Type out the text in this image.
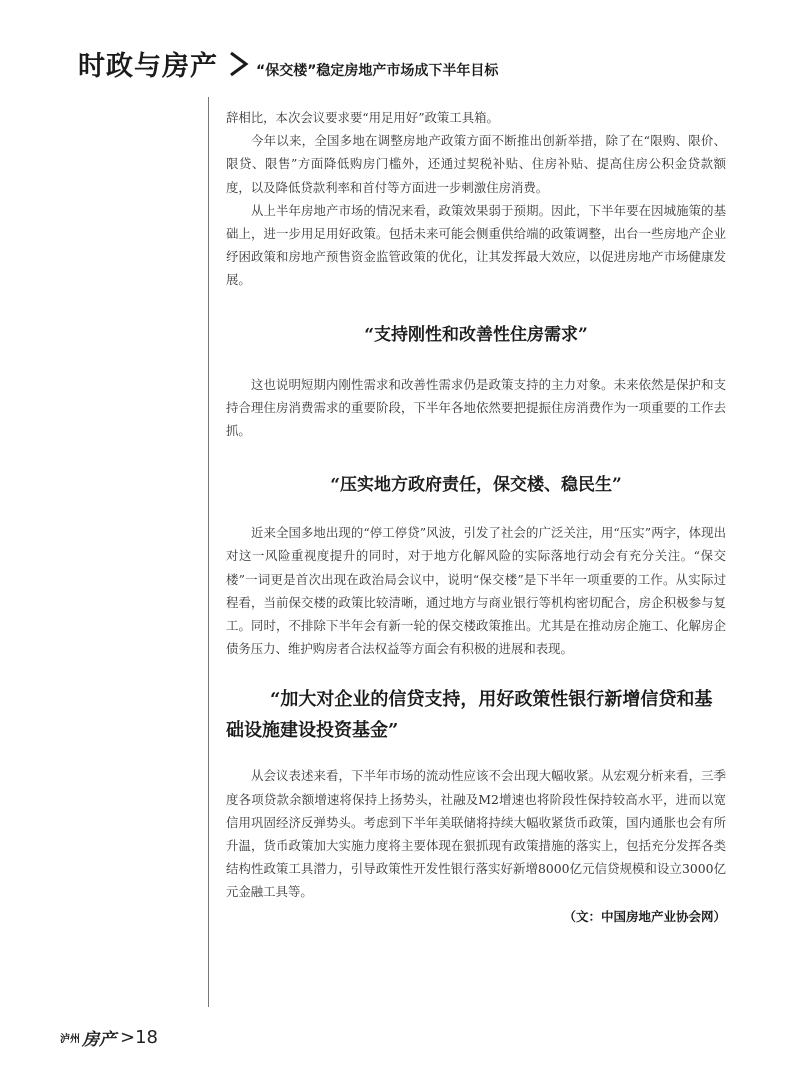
时政与房产	“保交楼”稳定房地产市场成下半年目标

辞相比，本次会议要求要“用足用好”政策工具箱。

今年以来，全国多地在调整房地产政策方面不断推出创新举措，除了在“限购、限价、限贷、限售”方面降低购房门槛外，还通过契税补贴、住房补贴、提高住房公积金贷款额度，以及降低贷款利率和首付等方面进一步刺激住房消费。

从上半年房地产市场的情况来看，政策效果弱于预期。因此，下半年要在因城施策的基础上，进一步用足用好政策。包括未来可能会侧重供给端的政策调整，出台一些房地产企业纾困政策和房地产预售资金监管政策的优化，让其发挥最大效应，以促进房地产市场健康发展。

“支持刚性和改善性住房需求”

这也说明短期内刚性需求和改善性需求仍是政策支持的主力对象。未来依然是保护和支持合理住房消费需求的重要阶段，下半年各地依然要把提振住房消费作为一项重要的工作去抓。

“压实地方政府责任，保交楼、稳民生”

近来全国多地出现的“停工停贷”风波，引发了社会的广泛关注，用“压实”两字，体现出对这一风险重视度提升的同时，对于地方化解风险的实际落地行动会有充分关注。“保交楼”一词更是首次出现在政治局会议中，说明“保交楼”是下半年一项重要的工作。从实际过程看，当前保交楼的政策比较清晰，通过地方与商业银行等机构密切配合，房企积极参与复工。同时，不排除下半年会有新一轮的保交楼政策推出。尤其是在推动房企施工、化解房企债务压力、维护购房者合法权益等方面会有积极的进展和表现。

“加大对企业的信贷支持，用好政策性银行新增信贷和基础设施建设投资基金”

从会议表述来看，下半年市场的流动性应该不会出现大幅收紧。从宏观分析来看，三季度各项贷款余额增速将保持上扬势头，社融及M2增速也将阶段性保持较高水平，进而以宽信用巩固经济反弹势头。考虑到下半年美联储将持续大幅收紧货币政策，国内通胀也会有所升温，货币政策加大实施力度将主要体现在狠抓现有政策措施的落实上，包括充分发挥各类结构性政策工具潜力，引导政策性开发性银行落实好新增8000亿元信贷规模和设立3000亿元金融工具等。

（文：中国房地产业协会网）
泸州 房产 >18
